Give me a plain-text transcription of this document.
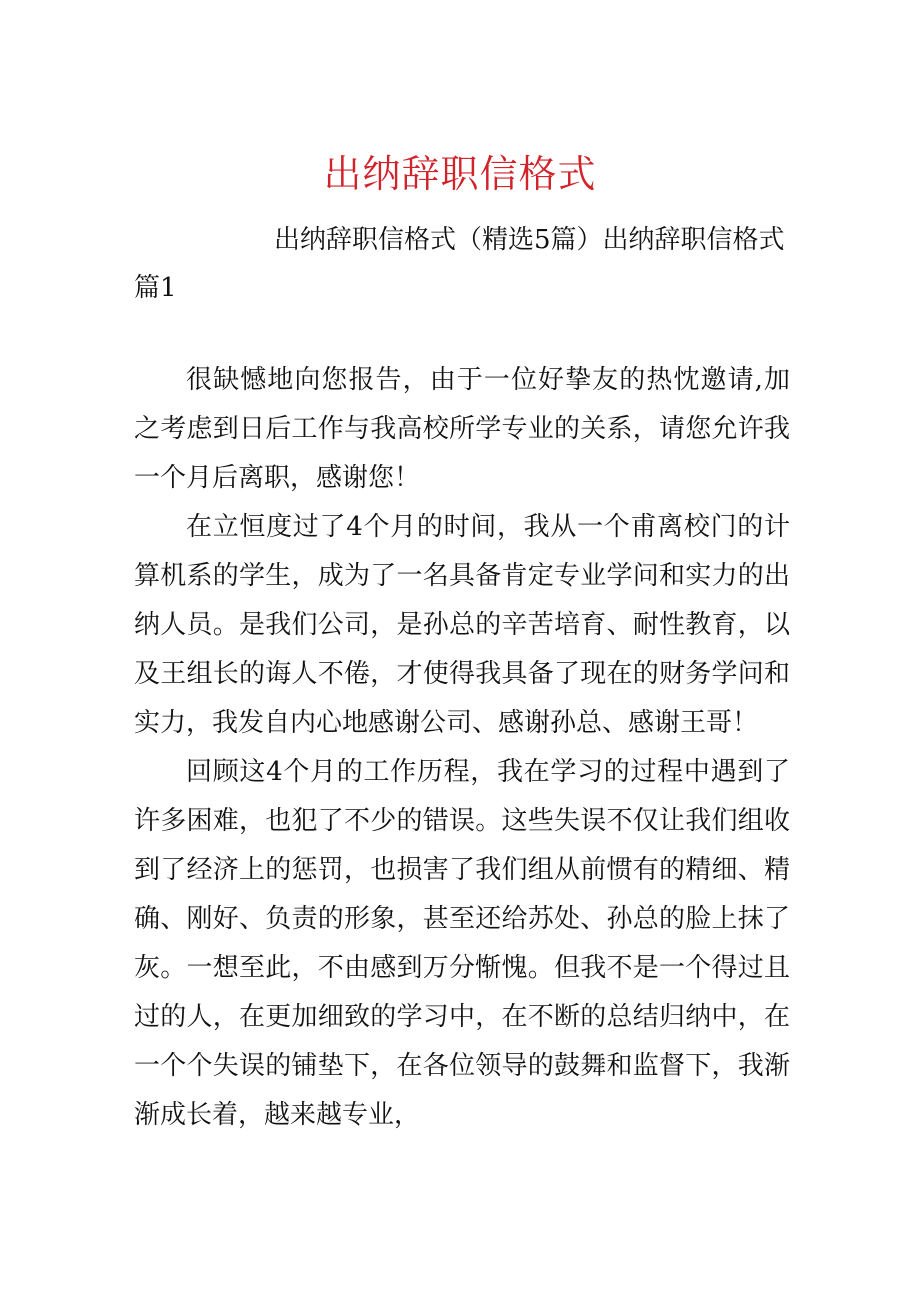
出纳辞职信格式

出纳辞职信格式（精选5篇）出纳辞职信格式篇1

很缺憾地向您报告，由于一位好挚友的热忱邀请,加之考虑到日后工作与我高校所学专业的关系，请您允许我一个月后离职，感谢您！

在立恒度过了4个月的时间，我从一个甫离校门的计算机系的学生，成为了一名具备肯定专业学问和实力的出纳人员。是我们公司，是孙总的辛苦培育、耐性教育，以及王组长的诲人不倦，才使得我具备了现在的财务学问和实力，我发自内心地感谢公司、感谢孙总、感谢王哥！

回顾这4个月的工作历程，我在学习的过程中遇到了许多困难，也犯了不少的错误。这些失误不仅让我们组收到了经济上的惩罚，也损害了我们组从前惯有的精细、精确、刚好、负责的形象，甚至还给苏处、孙总的脸上抹了灰。一想至此，不由感到万分惭愧。但我不是一个得过且过的人，在更加细致的学习中，在不断的总结归纳中，在一个个失误的铺垫下，在各位领导的鼓舞和监督下，我渐渐成长着，越来越专业，
